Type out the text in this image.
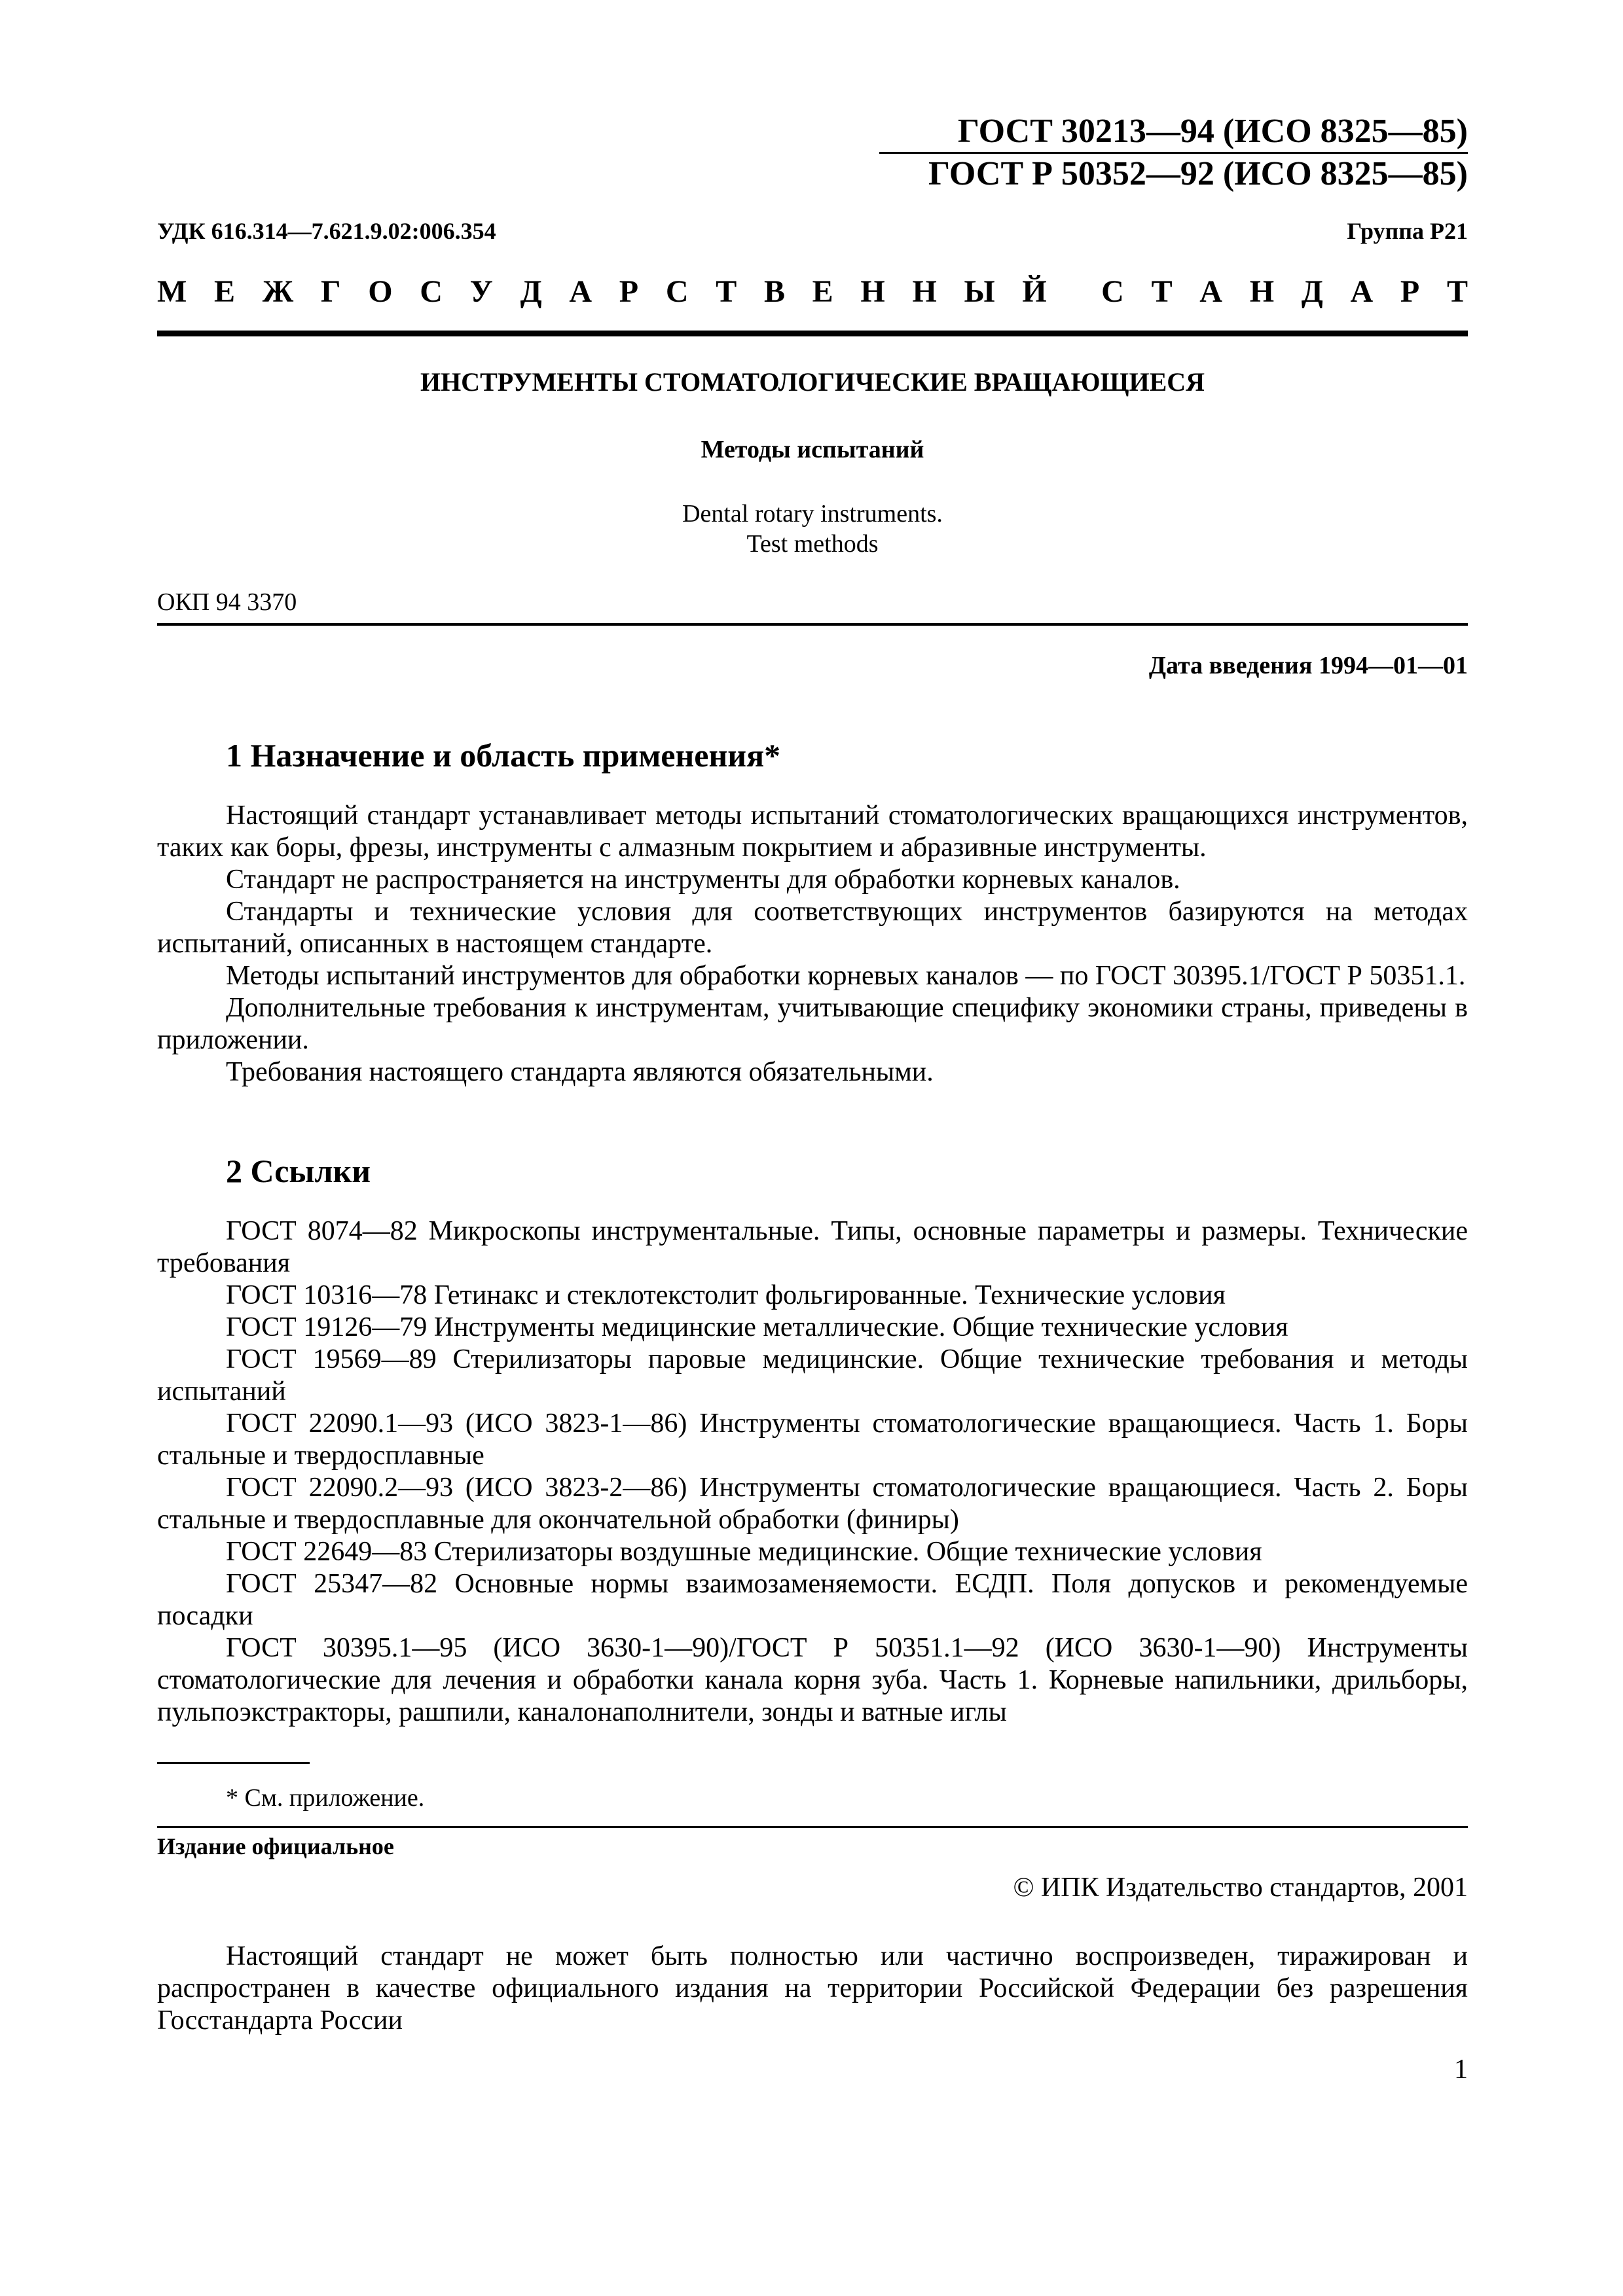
ГОСТ 30213—94 (ИСО 8325—85)
ГОСТ Р 50352—92 (ИСО 8325—85)
УДК 616.314—7.621.9.02:006.354	Группа Р21
М Е Ж Г О С У Д А Р С Т В Е Н Н Ы Й С Т А Н Д А Р Т
ИНСТРУМЕНТЫ СТОМАТОЛОГИЧЕСКИЕ ВРАЩАЮЩИЕСЯ
Методы испытаний
Dental rotary instruments.
Test methods
ОКП 94 3370
Дата введения 1994—01—01
1 Назначение и область применения*

Настоящий стандарт устанавливает методы испытаний стоматологических вращающихся инструментов, таких как боры, фрезы, инструменты с алмазным покрытием и абразивные инструменты.

Стандарт не распространяется на инструменты для обработки корневых каналов.

Стандарты и технические условия для соответствующих инструментов базируются на методах испытаний, описанных в настоящем стандарте.

Методы испытаний инструментов для обработки корневых каналов — по ГОСТ 30395.1/ГОСТ Р 50351.1.

Дополнительные требования к инструментам, учитывающие специфику экономики страны, приведены в приложении.

Требования настоящего стандарта являются обязательными.

2 Ссылки

ГОСТ 8074—82 Микроскопы инструментальные. Типы, основные параметры и размеры. Технические требования

ГОСТ 10316—78 Гетинакс и стеклотекстолит фольгированные. Технические условия

ГОСТ 19126—79 Инструменты медицинские металлические. Общие технические условия

ГОСТ 19569—89 Стерилизаторы паровые медицинские. Общие технические требования и методы испытаний

ГОСТ 22090.1—93 (ИСО 3823-1—86) Инструменты стоматологические вращающиеся. Часть 1. Боры стальные и твердосплавные

ГОСТ 22090.2—93 (ИСО 3823-2—86) Инструменты стоматологические вращающиеся. Часть 2. Боры стальные и твердосплавные для окончательной обработки (финиры)

ГОСТ 22649—83 Стерилизаторы воздушные медицинские. Общие технические условия

ГОСТ 25347—82 Основные нормы взаимозаменяемости. ЕСДП. Поля допусков и рекомендуемые посадки

ГОСТ 30395.1—95 (ИСО 3630-1—90)/ГОСТ Р 50351.1—92 (ИСО 3630-1—90) Инструменты стоматологические для лечения и обработки канала корня зуба. Часть 1. Корневые напильники, дрильборы, пульпоэкстракторы, рашпили, каналонаполнители, зонды и ватные иглы

* См. приложение.
Издание официальное
© ИПК Издательство стандартов, 2001
Настоящий стандарт не может быть полностью или частично воспроизведен, тиражирован и распространен в качестве официального издания на территории Российской Федерации без разрешения Госстандарта России
1
